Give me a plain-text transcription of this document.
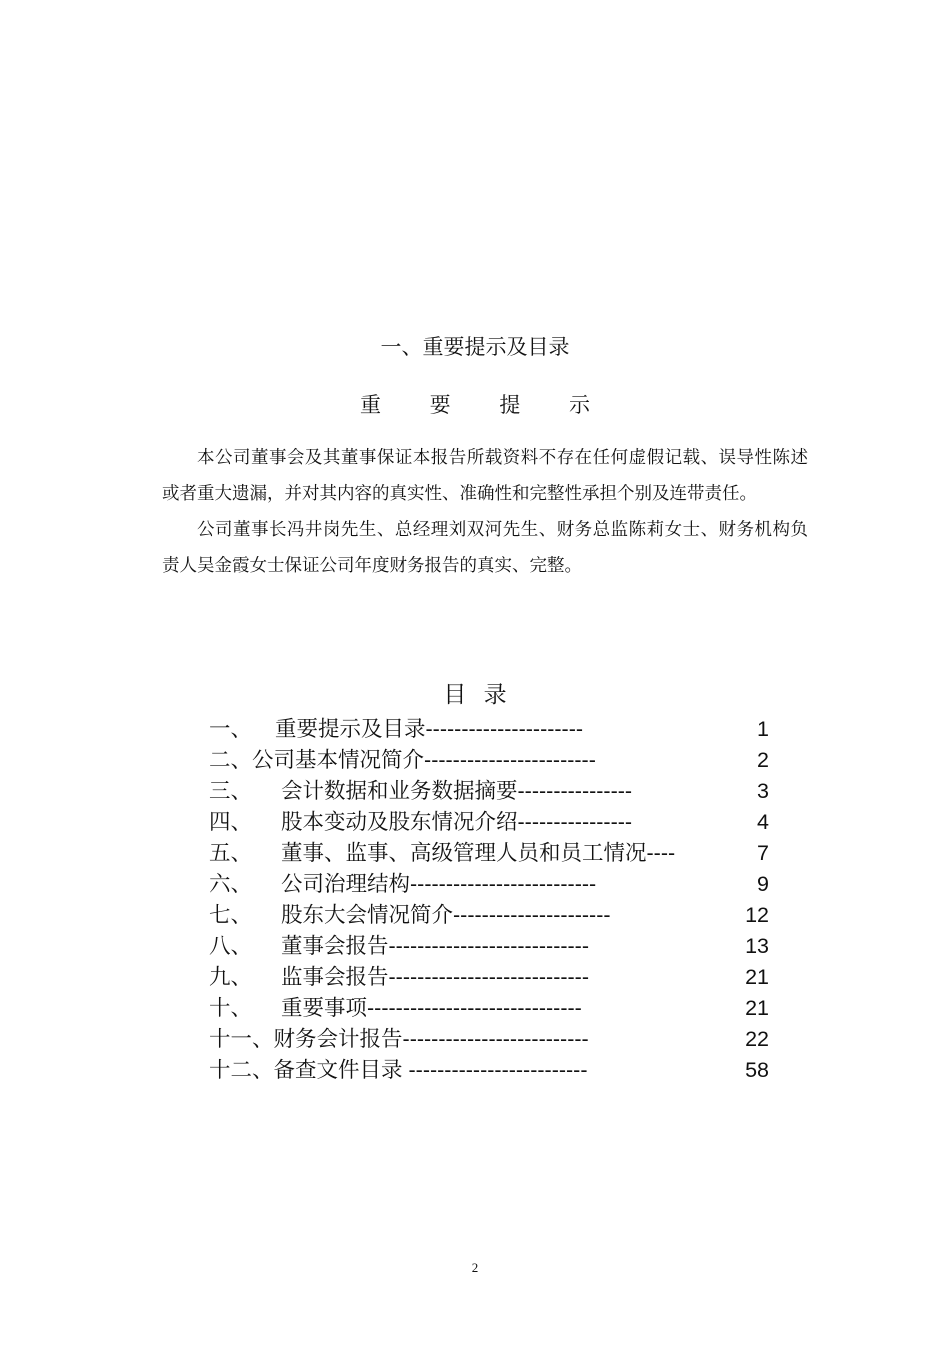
一、重要提示及目录
重 要 提 示

本公司董事会及其董事保证本报告所载资料不存在任何虚假记载、误导性陈述或者重大遗漏，并对其内容的真实性、准确性和完整性承担个别及连带责任。

公司董事长冯井岗先生、总经理刘双河先生、财务总监陈莉女士、财务机构负责人吴金霞女士保证公司年度财务报告的真实、完整。

目 录
一、 重要提示及目录----------------------	1
二、公司基本情况简介------------------------	2
三、 会计数据和业务数据摘要----------------	3
四、 股本变动及股东情况介绍----------------	4
五、 董事、监事、高级管理人员和员工情况----	7
六、 公司治理结构--------------------------	9
七、 股东大会情况简介----------------------	12
八、 董事会报告----------------------------	13
九、 监事会报告----------------------------	21
十、 重要事项------------------------------	21
十一、财务会计报告--------------------------	22
十二、备查文件目录 -------------------------	58
2
